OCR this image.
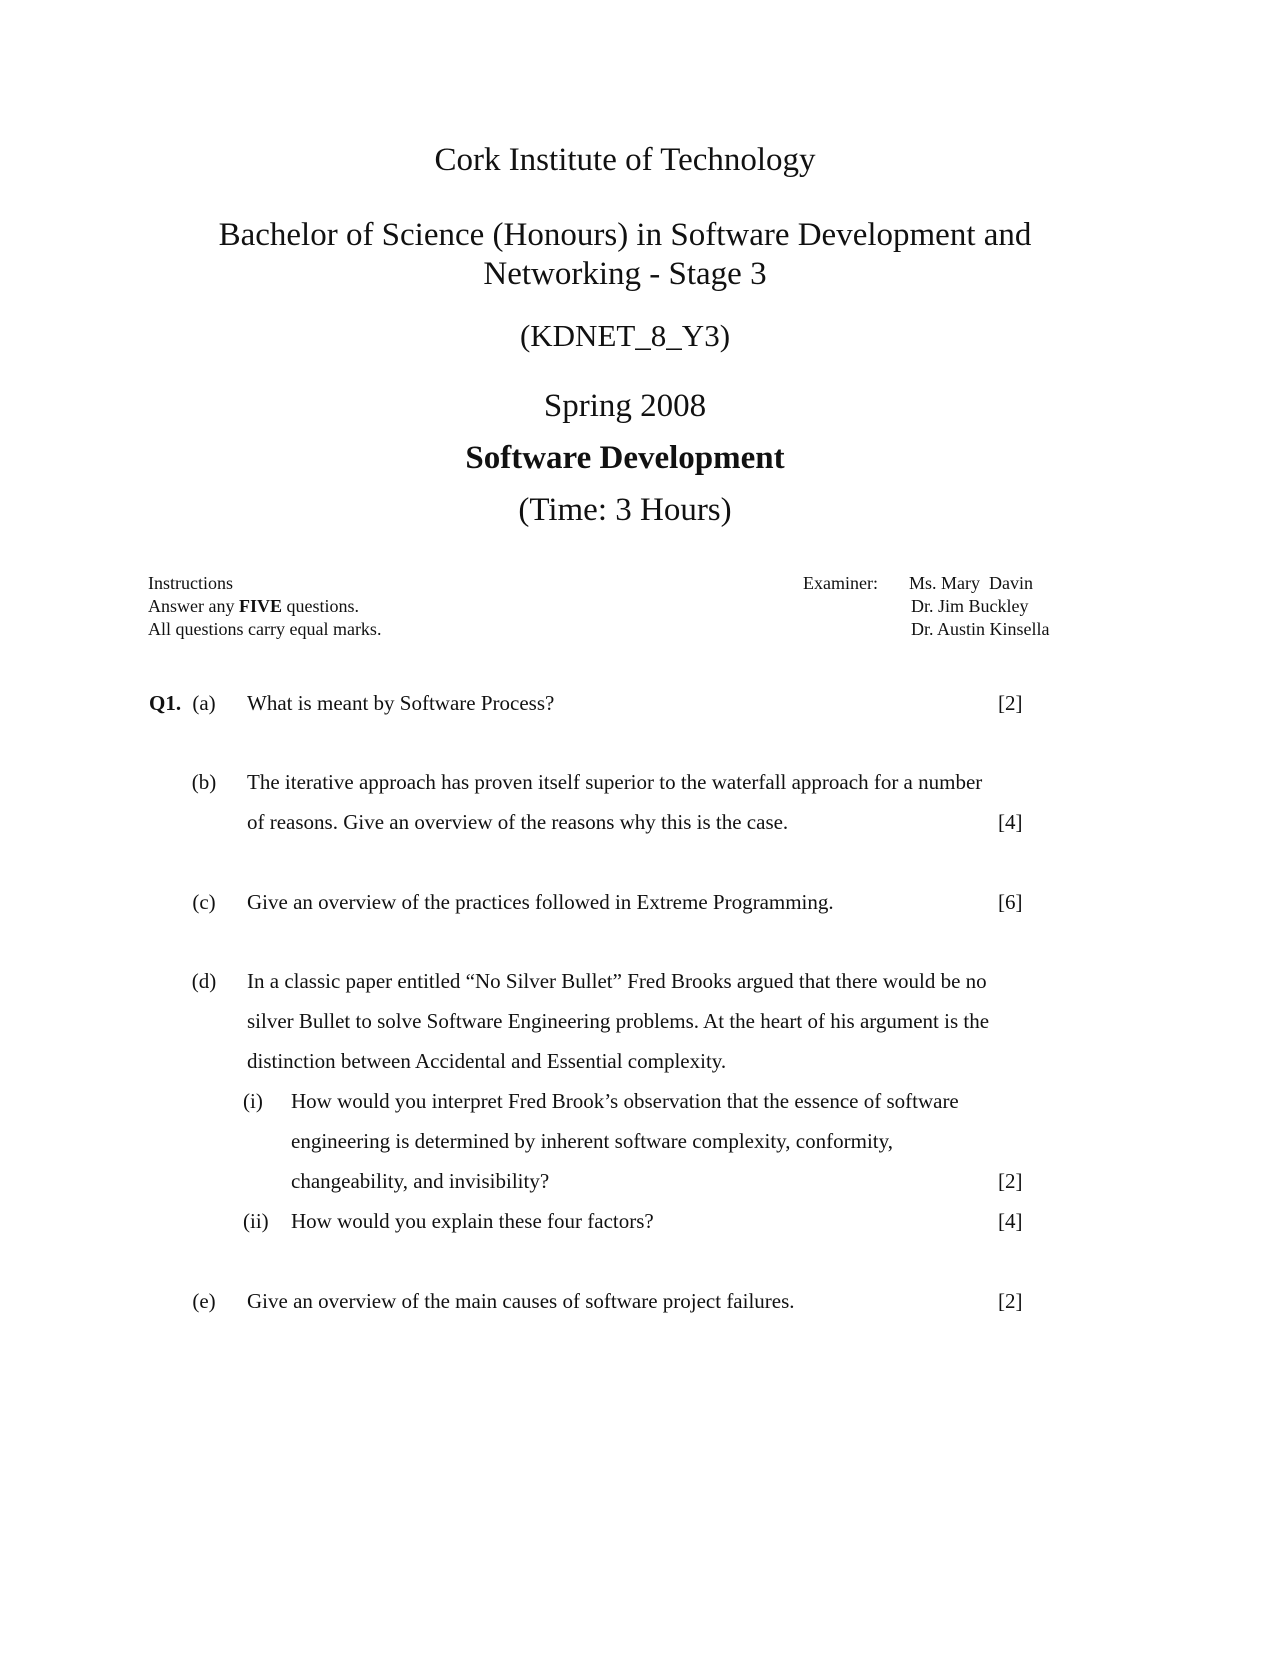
Cork Institute of Technology
Bachelor of Science (Honours) in Software Development and
Networking - Stage 3
(KDNET_8_Y3)
Spring 2008
Software Development
(Time: 3 Hours)
Instructions
Answer any FIVE questions.
All questions carry equal marks.
Examiner: Ms. Mary  Davin
Dr. Jim Buckley
Dr. Austin Kinsella
Q1. (a)	What is meant by Software Process?	[2]
(b)	The iterative approach has proven itself superior to the waterfall approach for a number
of reasons. Give an overview of the reasons why this is the case.	[4]
(c)	Give an overview of the practices followed in Extreme Programming.	[6]
(d)	In a classic paper entitled “No Silver Bullet” Fred Brooks argued that there would be no
silver Bullet to solve Software Engineering problems. At the heart of his argument is the
distinction between Accidental and Essential complexity.
(i) How would you interpret Fred Brook’s observation that the essence of software
engineering is determined by inherent software complexity, conformity,
changeability, and invisibility?	[2]
(ii) How would you explain these four factors?	[4]
(e)	Give an overview of the main causes of software project failures.	[2]
